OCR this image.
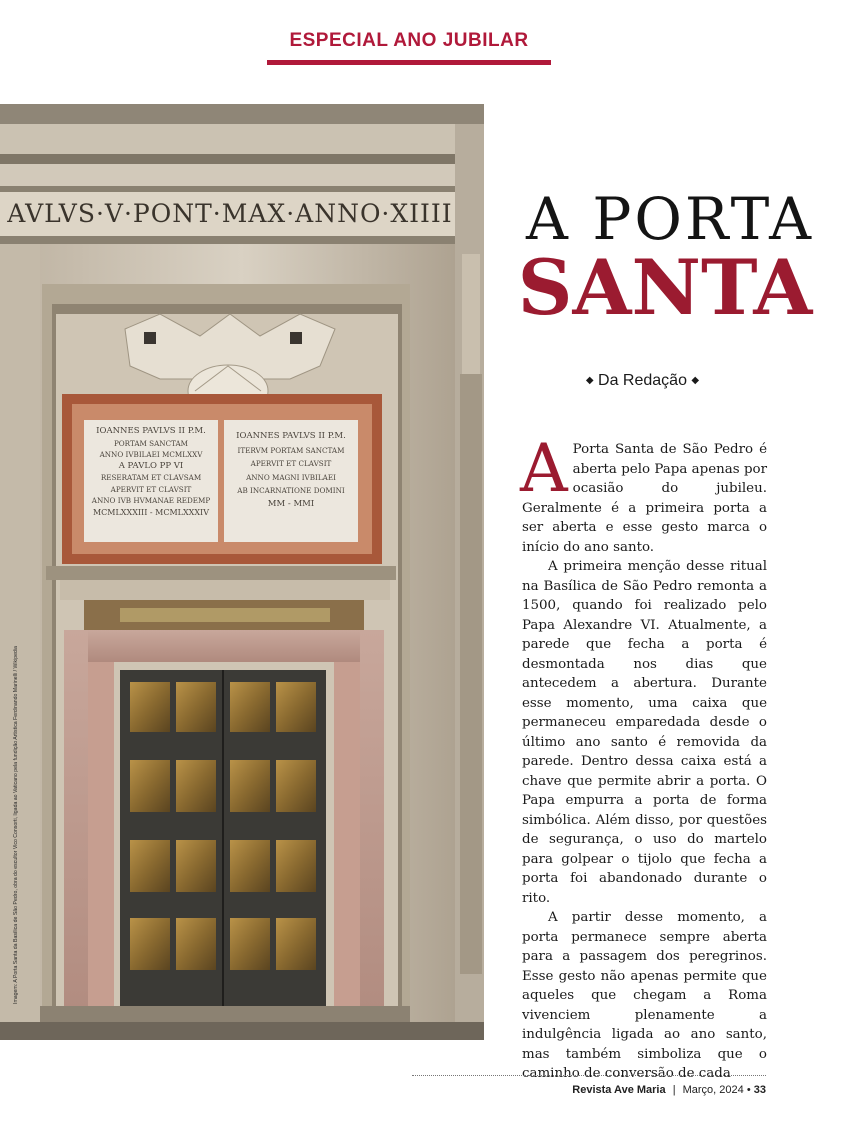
ESPECIAL ANO JUBILAR
AVLVS·V·PONT·MAX·ANNO·XIIII
IOANNES PAVLVS II P.M.
PORTAM SANCTAM
ANNO IVBILAEI MCMLXXV
A PAVLO PP VI
RESERATAM ET CLAVSAM
APERVIT ET CLAVSIT
ANNO IVB HVMANAE REDEMP
MCMLXXXIII - MCMLXXXIV
IOANNES PAVLVS II P.M.
ITERVM PORTAM SANCTAM
APERVIT ET CLAVSIT
ANNO MAGNI IVBILAEI
AB INCARNATIONE DOMINI
MM - MMI
A PORTA
SANTA
◆ Da Redação ◆

A Porta Santa de São Pedro é aberta pelo Papa apenas por ocasião do jubileu. Geralmente é a primeira porta a ser aberta e esse gesto marca o início do ano santo.

A primeira menção desse ritual na Basílica de São Pedro remonta a 1500, quando foi realizado pelo Papa Alexandre VI. Atualmente, a parede que fecha a porta é desmontada nos dias que antecedem a abertura. Durante esse momento, uma caixa que permaneceu emparedada desde o último ano santo é removida da parede. Dentro dessa caixa está a chave que permite abrir a porta. O Papa empurra a porta de forma simbólica. Além disso, por questões de segurança, o uso do martelo para golpear o tijolo que fecha a porta foi abandonado durante o rito.

A partir desse momento, a porta permanece sempre aberta para a passagem dos peregrinos. Esse gesto não apenas permite que aqueles que chegam a Roma vivenciem plenamente a indulgência ligada ao ano santo, mas também simboliza que o caminho de conversão de cada

Revista Ave Maria | Março, 2024 • 33
